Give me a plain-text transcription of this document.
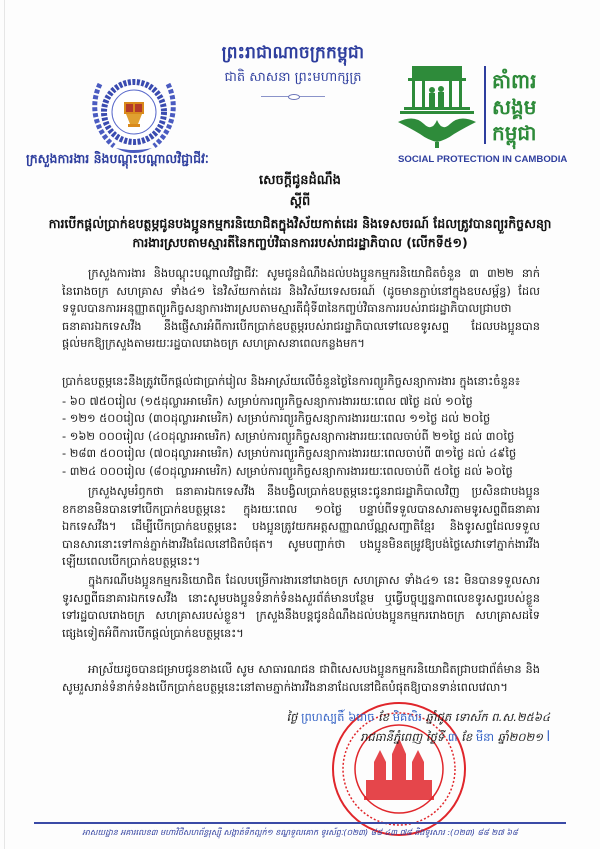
ព្រះរាជាណាចក្រកម្ពុជា
ជាតិ សាសនា ព្រះមហាក្សត្រ	គាំពារ
សង្គម
កម្ពុជា
SOCIAL PROTECTION IN CAMBODIA
ក្រសួងការងារ និងបណ្តុះបណ្តាលវិជ្ជាជីវៈ
សេចក្តីជូនដំណឹង
ស្តីពី
ការបើកផ្តល់ប្រាក់ឧបត្ថម្ភជូនបងប្អូនកម្មករនិយោជិតក្នុងវិស័យកាត់ដេរ និងទេសចរណ៍ ដែលត្រូវបានព្យួរកិច្ចសន្យាការងារស្របតាមស្មារតីនៃកញ្ចប់វិធានការរបស់រាជរដ្ឋាភិបាល (លើកទី៥១)
ក្រសួងការងារ និងបណ្តុះបណ្តាលវិជ្ជាជីវៈ សូមជូនដំណឹងដល់បងប្អូនកម្មករនិយោជិតចំនួន ៣ ៣២២ នាក់ នៃរោងចក្រ សហគ្រាស ទាំង៤១ នៃវិស័យកាត់ដេរ និងវិស័យទេសចរណ៍ (ដូចមានភ្ជាប់នៅក្នុងឧបសម្ព័ន្ធ) ដែលទទួលបានការអនុញ្ញាតព្យួរកិច្ចសន្យាការងារស្របតាមស្មារតីជុំទី៣នៃកញ្ចប់វិធានការរបស់រាជរដ្ឋាភិបាលជ្រាបថា ធនាគារឯកទេសវីង នឹងផ្ញើសារអំពីការបើកប្រាក់ឧបត្ថម្ភរបស់រាជរដ្ឋាភិបាលទៅលេខទូរសព្ទ ដែលបងប្អូនបានផ្តល់មកឱ្យក្រសួងតាមរយៈរដ្ឋបាលរោងចក្រ សហគ្រាសនាពេលកន្លងមក។
ប្រាក់ឧបត្ថម្ភនេះនឹងត្រូវបើកផ្តល់ជាប្រាក់រៀល និងអាស្រ័យលើចំនួនថ្ងៃនៃការព្យួរកិច្ចសន្យាការងារ ក្នុងនោះចំនួន៖
- ៦០ ៧៥០រៀល (១៥ដុល្លារអាមេរិក) សម្រាប់ការព្យួរកិច្ចសន្យាការងាររយៈពេល ៧ថ្ងៃ ដល់ ១០ថ្ងៃ
- ១២១ ៥០០រៀល (៣០ដុល្លារអាមេរិក) សម្រាប់ការព្យួរកិច្ចសន្យាការងាររយៈពេល ១១ថ្ងៃ ដល់ ២០ថ្ងៃ
- ១៦២ ០០០រៀល (៤០ដុល្លារអាមេរិក) សម្រាប់ការព្យួរកិច្ចសន្យាការងាររយៈពេលចាប់ពី ២១ថ្ងៃ ដល់ ៣០ថ្ងៃ
- ២៨៣ ៥០០រៀល (៧០ដុល្លារអាមេរិក) សម្រាប់ការព្យួរកិច្ចសន្យាការងាររយៈពេលចាប់ពី ៣១ថ្ងៃ ដល់ ៤៩ថ្ងៃ
- ៣២៤ ០០០រៀល (៨០ដុល្លារអាមេរិក) សម្រាប់ការព្យួរកិច្ចសន្យាការងាររយៈពេលចាប់ពី ៥០ថ្ងៃ ដល់ ៦០ថ្ងៃ
ក្រសួងសូមរំឭកថា ធនាគារឯកទេសវីង នឹងបង្វិលប្រាក់ឧបត្ថម្ភនេះជូនរាជរដ្ឋាភិបាលវិញ ប្រសិនជាបងប្អូនខកខានមិនបានទៅបើកប្រាក់ឧបត្ថម្ភនេះ ក្នុងរយៈពេល ១០ថ្ងៃ បន្ទាប់ពីទទួលបានសារតាមទូរសព្ទពីធនាគារឯកទេសវីង។ ដើម្បីបើកប្រាក់ឧបត្ថម្ភនេះ បងប្អូនត្រូវយកអត្តសញ្ញាណប័ណ្ណសញ្ជាតិខ្មែរ និងទូរសព្ទដែលទទួលបានសារនោះទៅកាន់ភ្នាក់ងារវីងដែលនៅជិតបំផុត។ សូមបញ្ជាក់ថា បងប្អូនមិនតម្រូវឱ្យបង់ថ្លៃសេវាទៅភ្នាក់ងារវីងឡើយពេលបើកប្រាក់ឧបត្ថម្ភនេះ។
ក្នុងករណីបងប្អូនកម្មករនិយោជិត ដែលបម្រើការងារនៅរោងចក្រ សហគ្រាស ទាំង៤១ នេះ មិនបានទទួលសារទូរសព្ទពីធនាគារឯកទេសវីង នោះសូមបងប្អូនទំនាក់ទំនងសួរព័ត៌មានបន្ថែម ឬធ្វើបច្ចុប្បន្នភាពលេខទូរសព្ទរបស់ខ្លួន ទៅរដ្ឋបាលរោងចក្រ សហគ្រាសរបស់ខ្លួន។ ក្រសួងនឹងបន្តជូនដំណឹងដល់បងប្អូនកម្មកររោងចក្រ សហគ្រាសដទៃផ្សេងទៀតអំពីការបើកផ្តល់ប្រាក់ឧបត្ថម្ភនេះ។
អាស្រ័យដូចបានជម្រាបជូនខាងលើ សូម សាធារណជន ជាពិសេសបងប្អូនកម្មករនិយោជិតជ្រាបជាព័ត៌មាន និងសូមរួសរាន់ទំនាក់ទំនងបើកប្រាក់ឧបត្ថម្ភនេះនៅតាមភ្នាក់ងារវីងនានាដែលនៅជិតបំផុតឱ្យបានទាន់ពេលវេលា។
ថ្ងៃ ព្រហស្បតិ៍ ៦រោច ខែ មិគសិរ ឆ្នាំជូត ទោស័ក ព.ស.២៥៦៤
រាជធានីភ្នំពេញ ថ្ងៃទី ៣ ខែ មីនា ឆ្នាំ២០២១ ꟾ
អាសយដ្ឋាន អគារលេខ៣ មហាវិថីសហព័ន្ធរុស្ស៊ី សង្កាត់ទឹកល្អក់១ ខណ្ឌទួលគោក ទូរស័ព្ទៈ(០២៣) ៨៨ ៤៣ ៧៨ និងទូរសារ :(០២៣) ៨៨ ២៧ ៦៨
